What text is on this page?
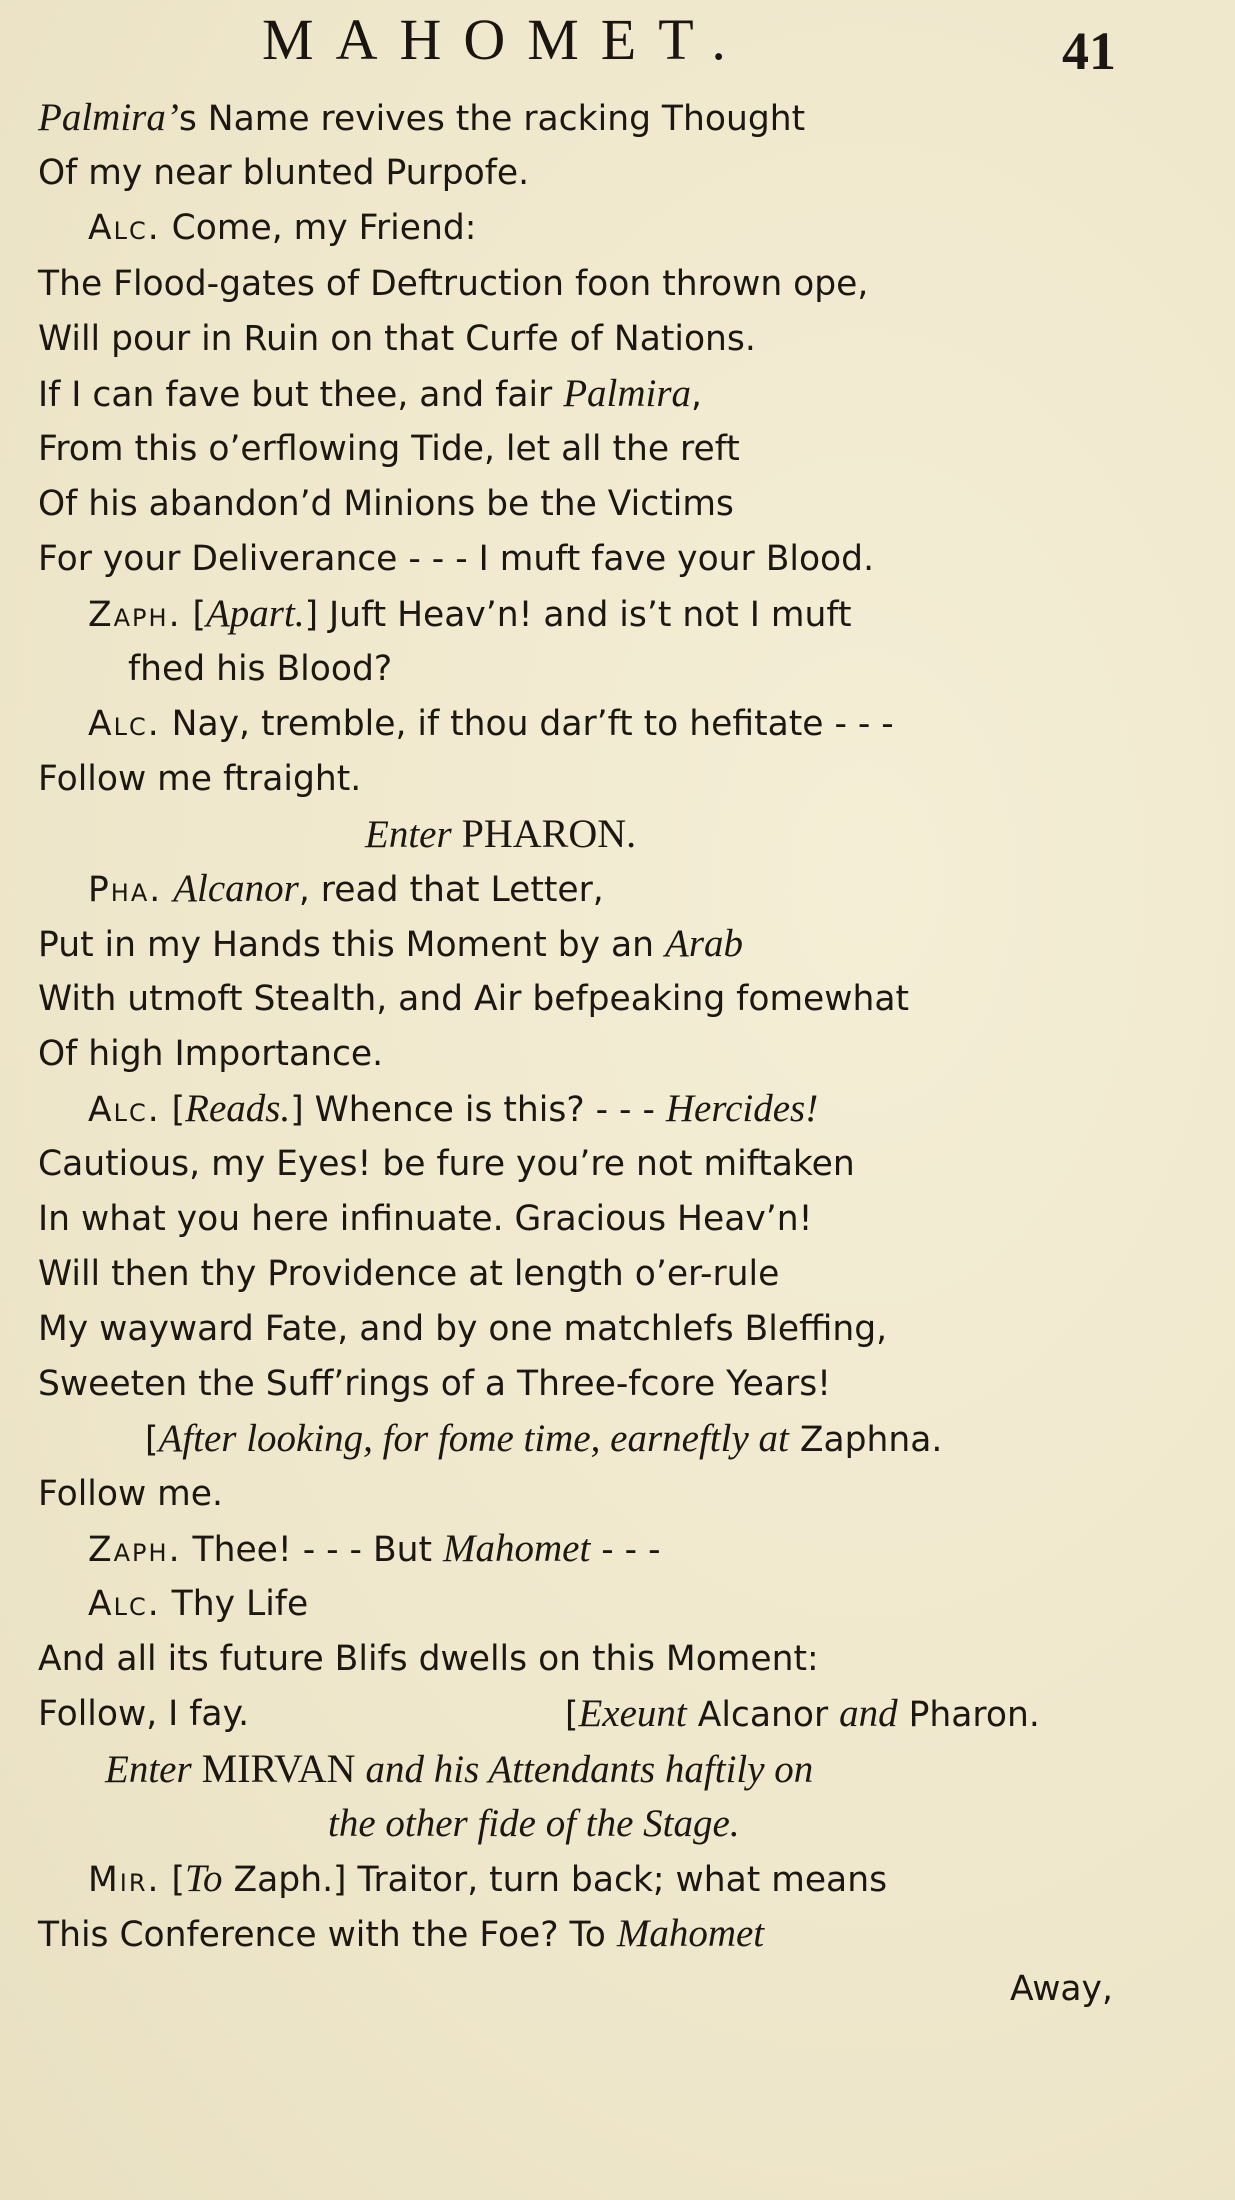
MAHOMET.	41
Palmira’s Name revives the racking Thought
Of my near blunted Purpofe.
Alc. Come, my Friend:
The Flood-gates of Deftruction foon thrown ope,
Will pour in Ruin on that Curfe of Nations.
If I can fave but thee, and fair Palmira,
From this o’erflowing Tide, let all the reft
Of his abandon’d Minions be the Victims
For your Deliverance - - - I muft fave your Blood.
Zaph. [Apart.] Juft Heav’n! and is’t not I muft
fhed his Blood?
Alc. Nay, tremble, if thou dar’ft to hefitate - - -
Follow me ftraight.
Enter PHARON.
Pha. Alcanor, read that Letter,
Put in my Hands this Moment by an Arab
With utmoft Stealth, and Air befpeaking fomewhat
Of high Importance.
Alc. [Reads.] Whence is this? - - - Hercides!
Cautious, my Eyes! be fure you’re not miftaken
In what you here infinuate. Gracious Heav’n!
Will then thy Providence at length o’er-rule
My wayward Fate, and by one matchlefs Bleffing,
Sweeten the Suff’rings of a Three-fcore Years!
[After looking, for fome time, earneftly at Zaphna.
Follow me.
Zaph. Thee! - - - But Mahomet - - -
Alc. Thy Life
And all its future Blifs dwells on this Moment:
Follow, I fay.	[Exeunt Alcanor and Pharon.
Enter MIRVAN and his Attendants haftily on
the other fide of the Stage.
Mir. [To Zaph.] Traitor, turn back; what means
This Conference with the Foe? To Mahomet
Away,
